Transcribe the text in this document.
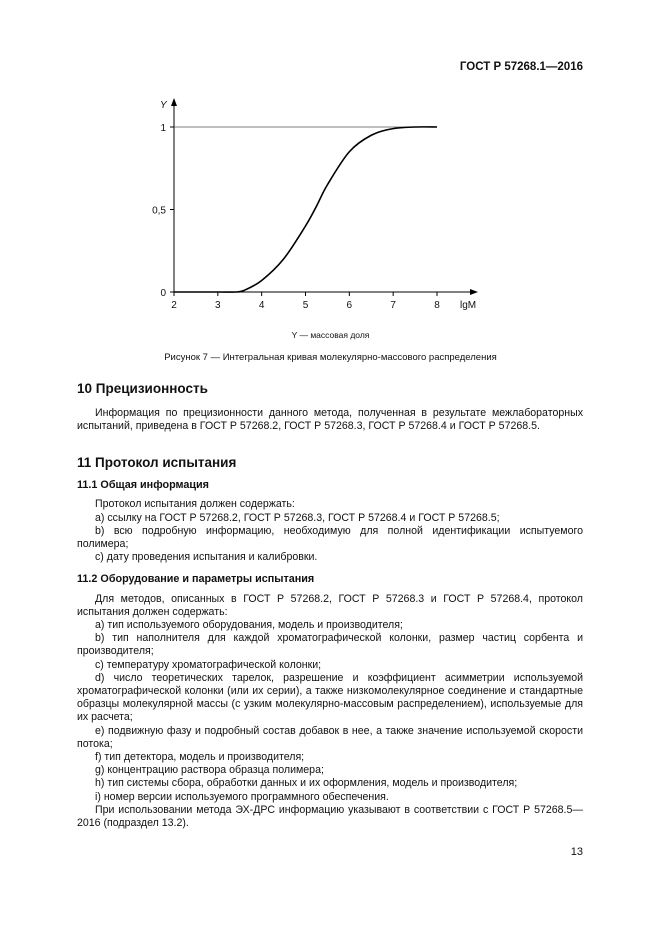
ГОСТ Р 57268.1—2016
2	3	4	5	6	7	8
0
0,5
1
Y
lgM
Y — массовая доля
Рисунок 7 — Интегральная кривая молекулярно-массового распределения
10 Прецизионность

Информация по прецизионности данного метода, полученная в результате межлабораторных испытаний, приведена в ГОСТ Р 57268.2, ГОСТ Р 57268.3, ГОСТ Р 57268.4 и ГОСТ Р 57268.5.

11 Протокол испытания
11.1 Общая информация

Протокол испытания должен содержать:

a) ссылку на ГОСТ Р 57268.2, ГОСТ Р 57268.3, ГОСТ Р 57268.4 и ГОСТ Р 57268.5;

b) всю подробную информацию, необходимую для полной идентификации испытуемого полимера;

c) дату проведения испытания и калибровки.

11.2 Оборудование и параметры испытания

Для методов, описанных в ГОСТ Р 57268.2, ГОСТ Р 57268.3 и ГОСТ Р 57268.4, протокол испытания должен содержать:

a) тип используемого оборудования, модель и производителя;

b) тип наполнителя для каждой хроматографической колонки, размер частиц сорбента и производителя;

c) температуру хроматографической колонки;

d) число теоретических тарелок, разрешение и коэффициент асимметрии используемой хроматографической колонки (или их серии), а также низкомолекулярное соединение и стандартные образцы молекулярной массы (с узким молекулярно-массовым распределением), используемые для их расчета;

e) подвижную фазу и подробный состав добавок в нее, а также значение используемой скорости потока;

f) тип детектора, модель и производителя;

g) концентрацию раствора образца полимера;

h) тип системы сбора, обработки данных и их оформления, модель и производителя;

i) номер версии используемого программного обеспечения.

При использовании метода ЭХ-ДРС информацию указывают в соответствии с ГОСТ Р 57268.5—2016 (подраздел 13.2).

13
